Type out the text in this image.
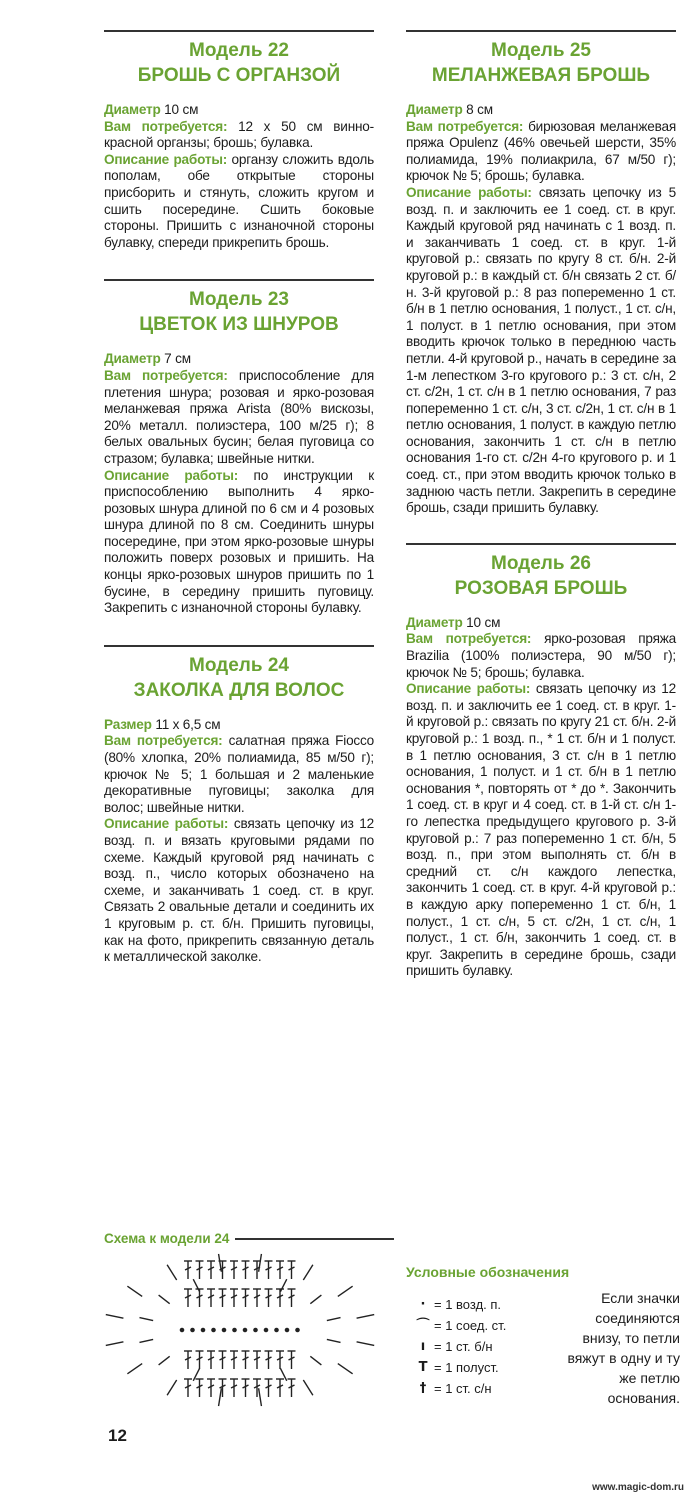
Модель 22
БРОШЬ С ОРГАНЗОЙ

Диаметр 10 см

Вам потребуется: 12 х 50 см винно-красной органзы; брошь; булавка.

Описание работы: органзу сложить вдоль пополам, обе открытые стороны присборить и стянуть, сложить кругом и сшить посередине. Сшить боковые стороны. Пришить с изнаночной стороны булавку, спереди прикрепить брошь.

Модель 23
ЦВЕТОК ИЗ ШНУРОВ

Диаметр 7 см

Вам потребуется: приспособление для плетения шнура; розовая и ярко-розовая меланжевая пряжа Arista (80% вискозы, 20% металл. полиэстера, 100 м/25 г); 8 белых овальных бусин; белая пуговица со стразом; булавка; швейные нитки.

Описание работы: по инструкции к приспособлению выполнить 4 ярко-розовых шнура длиной по 6 см и 4 розовых шнура длиной по 8 см. Соединить шнуры посередине, при этом ярко-розовые шнуры положить поверх розовых и пришить. На концы ярко-розовых шнуров пришить по 1 бусине, в середину пришить пуговицу. Закрепить с изнаночной стороны булавку.

Модель 24
ЗАКОЛКА ДЛЯ ВОЛОС

Размер 11 х 6,5 см

Вам потребуется: салатная пряжа Fiocco (80% хлопка, 20% полиамида, 85 м/50 г); крючок № 5; 1 большая и 2 маленькие декоративные пуговицы; заколка для волос; швейные нитки.

Описание работы: связать цепочку из 12 возд. п. и вязать круговыми рядами по схеме. Каждый круговой ряд начинать с возд. п., число которых обозначено на схеме, и заканчивать 1 соед. ст. в круг. Связать 2 овальные детали и соединить их 1 круговым р. ст. б/н. Пришить пуговицы, как на фото, прикрепить связанную деталь к металлической заколке.

Модель 25
МЕЛАНЖЕВАЯ БРОШЬ

Диаметр 8 см

Вам потребуется: бирюзовая меланжевая пряжа Opulenz (46% овечьей шерсти, 35% полиамида, 19% полиакрила, 67 м/50 г); крючок № 5; брошь; булавка.

Описание работы: связать цепочку из 5 возд. п. и заключить ее 1 соед. ст. в круг. Каждый круговой ряд начинать с 1 возд. п. и заканчивать 1 соед. ст. в круг. 1-й круговой р.: связать по кругу 8 ст. б/н. 2-й круговой р.: в каждый ст. б/н связать 2 ст. б/н. 3-й круговой р.: 8 раз попеременно 1 ст. б/н в 1 петлю основания, 1 полуст., 1 ст. с/н, 1 полуст. в 1 петлю основания, при этом вводить крючок только в переднюю часть петли. 4-й круговой р., начать в середине за 1-м лепестком 3-го кругового р.: 3 ст. с/н, 2 ст. с/2н, 1 ст. с/н в 1 петлю основания, 7 раз попеременно 1 ст. с/н, 3 ст. с/2н, 1 ст. с/н в 1 петлю основания, 1 полуст. в каждую петлю основания, закончить 1 ст. с/н в петлю основания 1-го ст. с/2н 4-го кругового р. и 1 соед. ст., при этом вводить крючок только в заднюю часть петли. Закрепить в середине брошь, сзади пришить булавку.

Модель 26
РОЗОВАЯ БРОШЬ

Диаметр 10 см

Вам потребуется: ярко-розовая пряжа Brazilia (100% полиэстера, 90 м/50 г); крючок № 5; брошь; булавка.

Описание работы: связать цепочку из 12 возд. п. и заключить ее 1 соед. ст. в круг. 1-й круговой р.: связать по кругу 21 ст. б/н. 2-й круговой р.: 1 возд. п., * 1 ст. б/н и 1 полуст. в 1 петлю основания, 3 ст. с/н в 1 петлю основания, 1 полуст. и 1 ст. б/н в 1 петлю основания *, повторять от * до *. Закончить 1 соед. ст. в круг и 4 соед. ст. в 1-й ст. с/н 1-го лепестка предыдущего кругового р. 3-й круговой р.: 7 раз попеременно 1 ст. б/н, 5 возд. п., при этом выполнять ст. б/н в средний ст. с/н каждого лепестка, закончить 1 соед. ст. в круг. 4-й круговой р.: в каждую арку попеременно 1 ст. б/н, 1 полуст., 1 ст. с/н, 5 ст. с/2н, 1 ст. с/н, 1 полуст., 1 ст. б/н, закончить 1 соед. ст. в круг. Закрепить в середине брошь, сзади пришить булавку.

Схема к модели 24
Условные обозначения
· = 1 возд. п.
⌒ = 1 соед. ст.
ı = 1 ст. б/н
T = 1 полуст.
† = 1 ст. с/н
Если значки соединяются внизу, то петли вяжут в одну и ту же петлю основания.
12
www.magic-dom.ru
